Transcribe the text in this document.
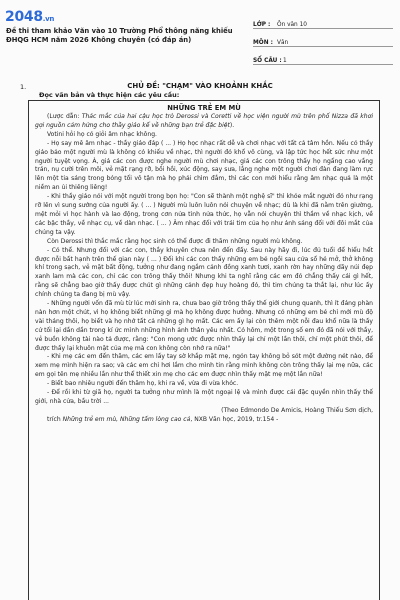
2048.vn
Đề thi tham khảo Văn vào 10 Trường Phổ thông năng khiếu ĐHQG HCM năm 2026 Không chuyên (có đáp án)
LỚP :	Ôn văn 10
MÔN : Văn
SỐ CÂU : 1
1.	CHỦ ĐỀ: "CHẠM" VÀO KHOẢNH KHẮC
Đọc văn bản và thực hiện các yêu cầu:
NHỮNG TRẺ EM MÙ
(Lược dẫn: Thác mắc của hai cậu học trò Derossi và Coretti về học viện người mù trên phố Nizza đã khơi gợi nguồn cảm hứng cho thầy giáo kể về những bạn trẻ đặc biệt).
Votini hỏi họ có giỏi âm nhạc không.
- Họ say mê âm nhạc - thầy giáo đáp ( ... ) Họ học nhạc rất dễ và chơi nhạc với tất cả tâm hồn. Nếu có thầy giáo bảo một người mù là không có khiếu về nhạc, thì người đó khổ vô cùng, và lập tức học hết sức như một người tuyệt vọng. À, giá các con được nghe người mù chơi nhạc, giá các con trông thấy họ ngẩng cao vầng trán, nụ cười trên môi, vẻ mặt rạng rỡ, bồi hồi, xúc động, say sưa, lắng nghe một người chơi đàn đang làm rực lên một tia sáng trong bóng tối vô tận mà họ phải chìm đắm, thì các con mới hiểu rằng âm nhạc quả là một niềm an ủi thiêng liêng!
- Khi thầy giáo nói với một người trong bọn họ: "Con sẽ thành một nghệ sĩ" thì khóe mắt người đó như rạng rỡ lên vì sung sướng của người ấy. ( ... ) Người mù luôn luôn nói chuyện về nhạc; dù là khi đã nằm trên giường, mệt mỏi vì học hành và lao động, trong cơn nửa tỉnh nửa thức, họ vẫn nói chuyện thì thầm về nhạc kịch, về các bậc thầy, về nhạc cụ, về dàn nhạc. ( ... ) Âm nhạc đối với trái tim của họ như ánh sáng đối với đôi mắt của chúng ta vậy.
Còn Derossi thì thắc mắc rằng học sinh có thể được đi thăm những người mù không.
- Có thể. Nhưng đối với các con, thầy khuyên chưa nên đến đấy. Sau này hãy đi, lúc đủ tuổi để hiểu hết được nỗi bất hạnh trên thế gian này ( ... ) Đối khi các con thấy những em bé ngồi sau cửa sổ hé mở, thở không khí trong sạch, vẻ mặt bất động, tưởng như đang ngắm cảnh đồng xanh tươi, xanh rờn hay những dãy núi đẹp xanh lam mà các con, chỉ các con trông thấy thôi! Nhưng khi ta nghĩ rằng các em đó chẳng thấy cái gì hết, rằng sẽ chẳng bao giờ thấy được chút gì những cảnh đẹp huy hoàng đó, thì tim chúng ta thắt lại, như lúc ấy chính chúng ta đang bị mù vậy.
- Những người vốn đã mù từ lúc mới sinh ra, chưa bao giờ trông thấy thế giới chung quanh, thì ít đáng phàn nàn hơn một chút, vì họ không biết những gì mà họ không được hưởng. Nhưng có những em bé chỉ mới mù độ vài tháng thôi, họ biết và họ nhớ tất cả những gì họ mất. Các em ấy lại còn thêm một nỗi đau khổ nữa là thấy cứ tối lại dần dần trong kí ức mình những hình ảnh thân yêu nhất. Có hôm, một trong số em đó đã nói với thầy, vẻ buồn không tài nào tả được, rằng: "Con mong ước được nhìn thấy lại chỉ một lần thôi, chỉ một phút thôi, để được thấy lại khuôn mặt của mẹ mà con không còn nhớ ra nữa!"
- Khi mẹ các em đến thăm, các em lấy tay sờ khắp mặt mẹ, ngón tay không bỏ sót một đường nét nào, để xem mẹ mình hiện ra sao; và các em chỉ hơi lắm cho mình tin rằng mình không còn trông thấy lại mẹ nữa, các em gọi tên mẹ nhiều lần như thể thiết xin mẹ cho các em được nhìn thấy mặt mẹ một lần nữa!
- Biết bao nhiêu người đến thăm họ, khi ra về, vừa đi vừa khóc.
- Để rồi khi từ giã họ, người ta tưởng như mình là một ngoại lệ và mình được cái đặc quyền nhìn thấy thế giới, nhà cửa, bầu trời ...
(Theo Edmondo De Amicis, Hoàng Thiếu Sơn dịch,
trích Những trẻ em mù, Những tấm lòng cao cả, NXB Văn học, 2019, tr.154 -
